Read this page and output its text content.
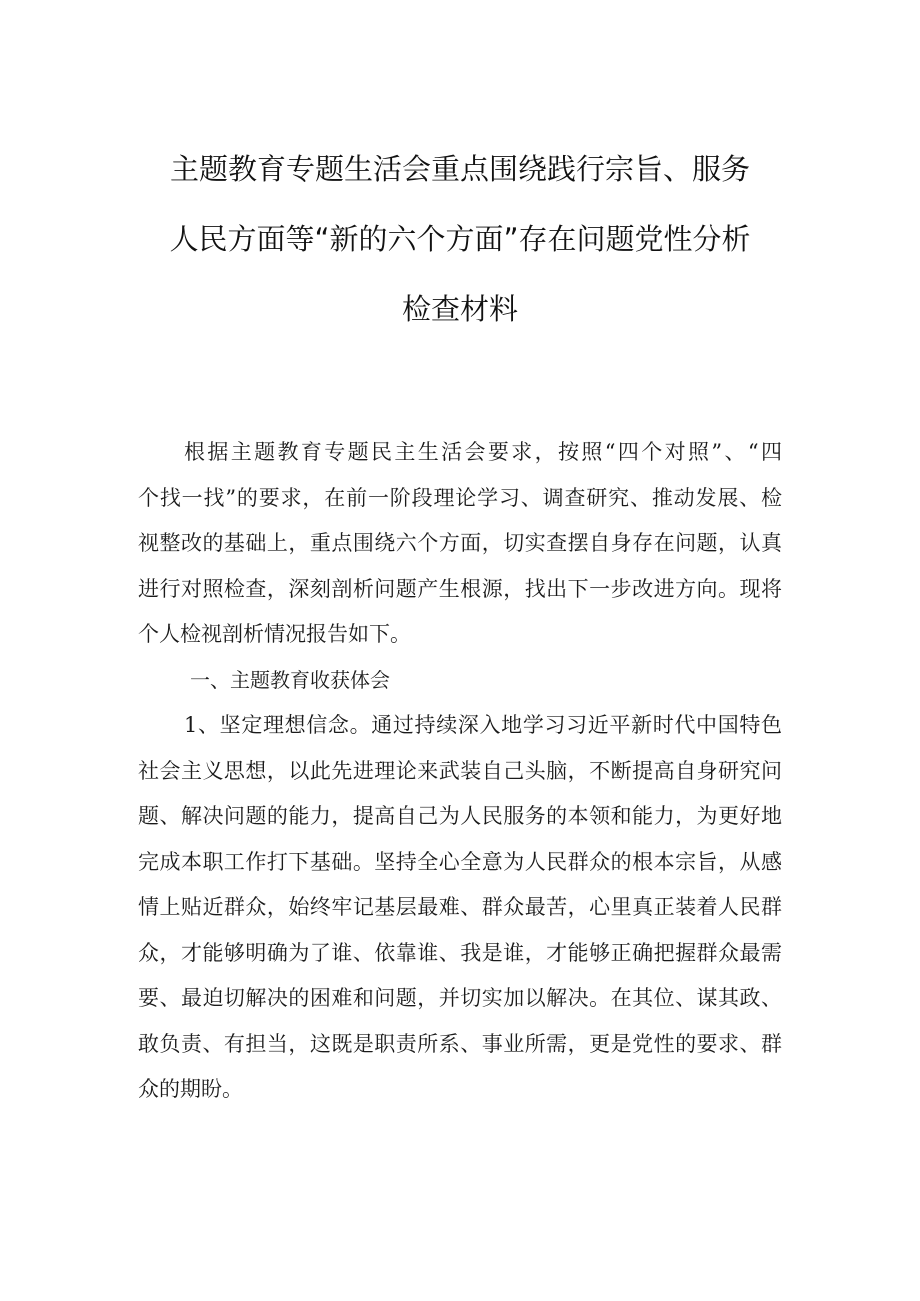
主题教育专题生活会重点围绕践行宗旨、服务
人民方面等“新的六个方面”存在问题党性分析
检查材料
根据主题教育专题民主生活会要求，按照“四个对照”、“四
个找一找”的要求，在前一阶段理论学习、调查研究、推动发展、检
视整改的基础上，重点围绕六个方面，切实查摆自身存在问题，认真
进行对照检查，深刻剖析问题产生根源，找出下一步改进方向。现将
个人检视剖析情况报告如下。
一、主题教育收获体会
1、坚定理想信念。通过持续深入地学习习近平新时代中国特色
社会主义思想，以此先进理论来武装自己头脑，不断提高自身研究问
题、解决问题的能力，提高自己为人民服务的本领和能力，为更好地
完成本职工作打下基础。坚持全心全意为人民群众的根本宗旨，从感
情上贴近群众，始终牢记基层最难、群众最苦，心里真正装着人民群
众，才能够明确为了谁、依靠谁、我是谁，才能够正确把握群众最需
要、最迫切解决的困难和问题，并切实加以解决。在其位、谋其政、
敢负责、有担当，这既是职责所系、事业所需，更是党性的要求、群
众的期盼。
